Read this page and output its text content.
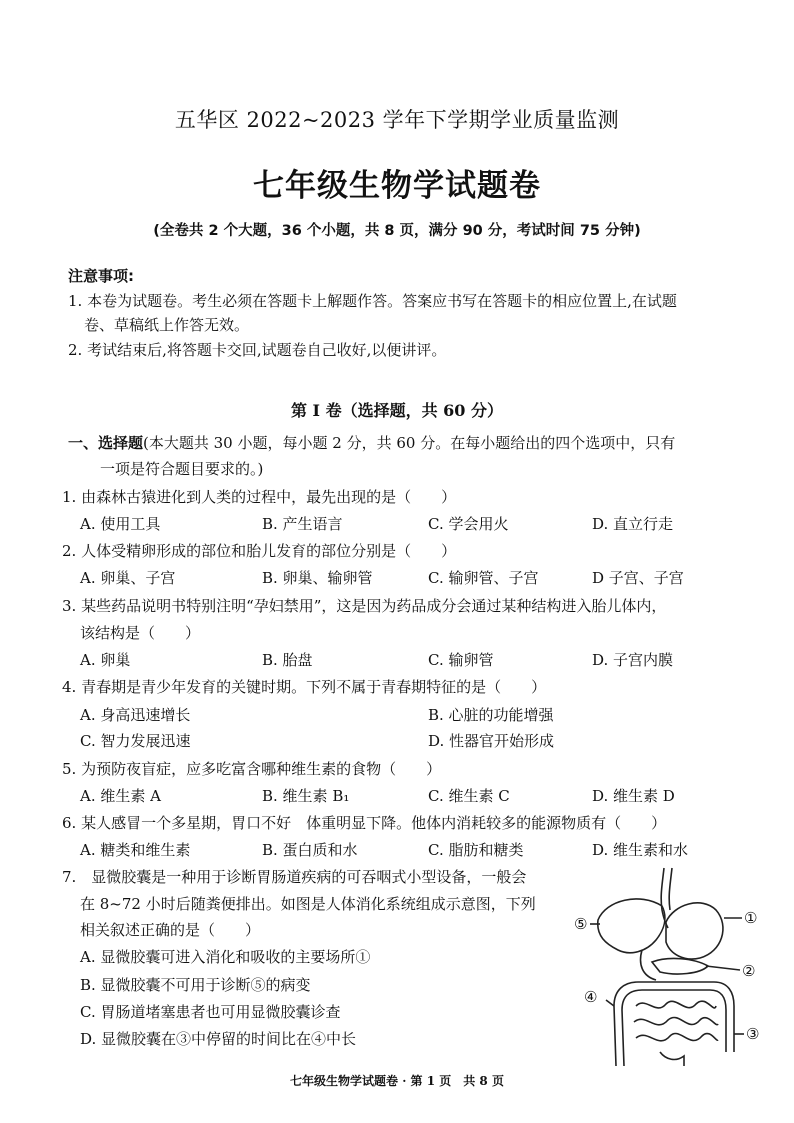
五华区 2022~2023 学年下学期学业质量监测
七年级生物学试题卷
(全卷共 2 个大题，36 个小题，共 8 页，满分 90 分，考试时间 75 分钟)
注意事项:
1. 本卷为试题卷。考生必须在答题卡上解题作答。答案应书写在答题卡的相应位置上,在试题
卷、草稿纸上作答无效。
2. 考试结束后,将答题卡交回,试题卷自己收好,以便讲评。
第 I 卷（选择题，共 60 分）
一、选择题(本大题共 30 小题，每小题 2 分，共 60 分。在每小题给出的四个选项中，只有
一项是符合题目要求的。)
1. 由森林古猿进化到人类的过程中，最先出现的是（　　）
A. 使用工具	B. 产生语言	C. 学会用火	D. 直立行走
2. 人体受精卵形成的部位和胎儿发育的部位分别是（　　）
A. 卵巢、子宫	B. 卵巢、输卵管	C. 输卵管、子宫	D 子宫、子宫
3. 某些药品说明书特别注明“孕妇禁用”，这是因为药品成分会通过某种结构进入胎儿体内，
该结构是（　　）
A. 卵巢	B. 胎盘	C. 输卵管	D. 子宫内膜
4. 青春期是青少年发育的关键时期。下列不属于青春期特征的是（　　）
A. 身高迅速增长	B. 心脏的功能增强
C. 智力发展迅速	D. 性器官开始形成
5. 为预防夜盲症，应多吃富含哪种维生素的食物（　　）
A. 维生素 A	B. 维生素 B₁	C. 维生素 C	D. 维生素 D
6. 某人感冒一个多星期，胃口不好　体重明显下降。他体内消耗较多的能源物质有（　　）
A. 糖类和维生素	B. 蛋白质和水	C. 脂肪和糖类	D. 维生素和水
7.　显微胶囊是一种用于诊断胃肠道疾病的可吞咽式小型设备，一般会
在 8~72 小时后随粪便排出。如图是人体消化系统组成示意图，下列
相关叙述正确的是（　　）
A. 显微胶囊可进入消化和吸收的主要场所①
B. 显微胶囊不可用于诊断⑤的病变
C. 胃肠道堵塞患者也可用显微胶囊诊查
D. 显微胶囊在③中停留的时间比在④中长
①
②
③
④
⑤
七年级生物学试题卷 · 第 1 页　共 8 页
